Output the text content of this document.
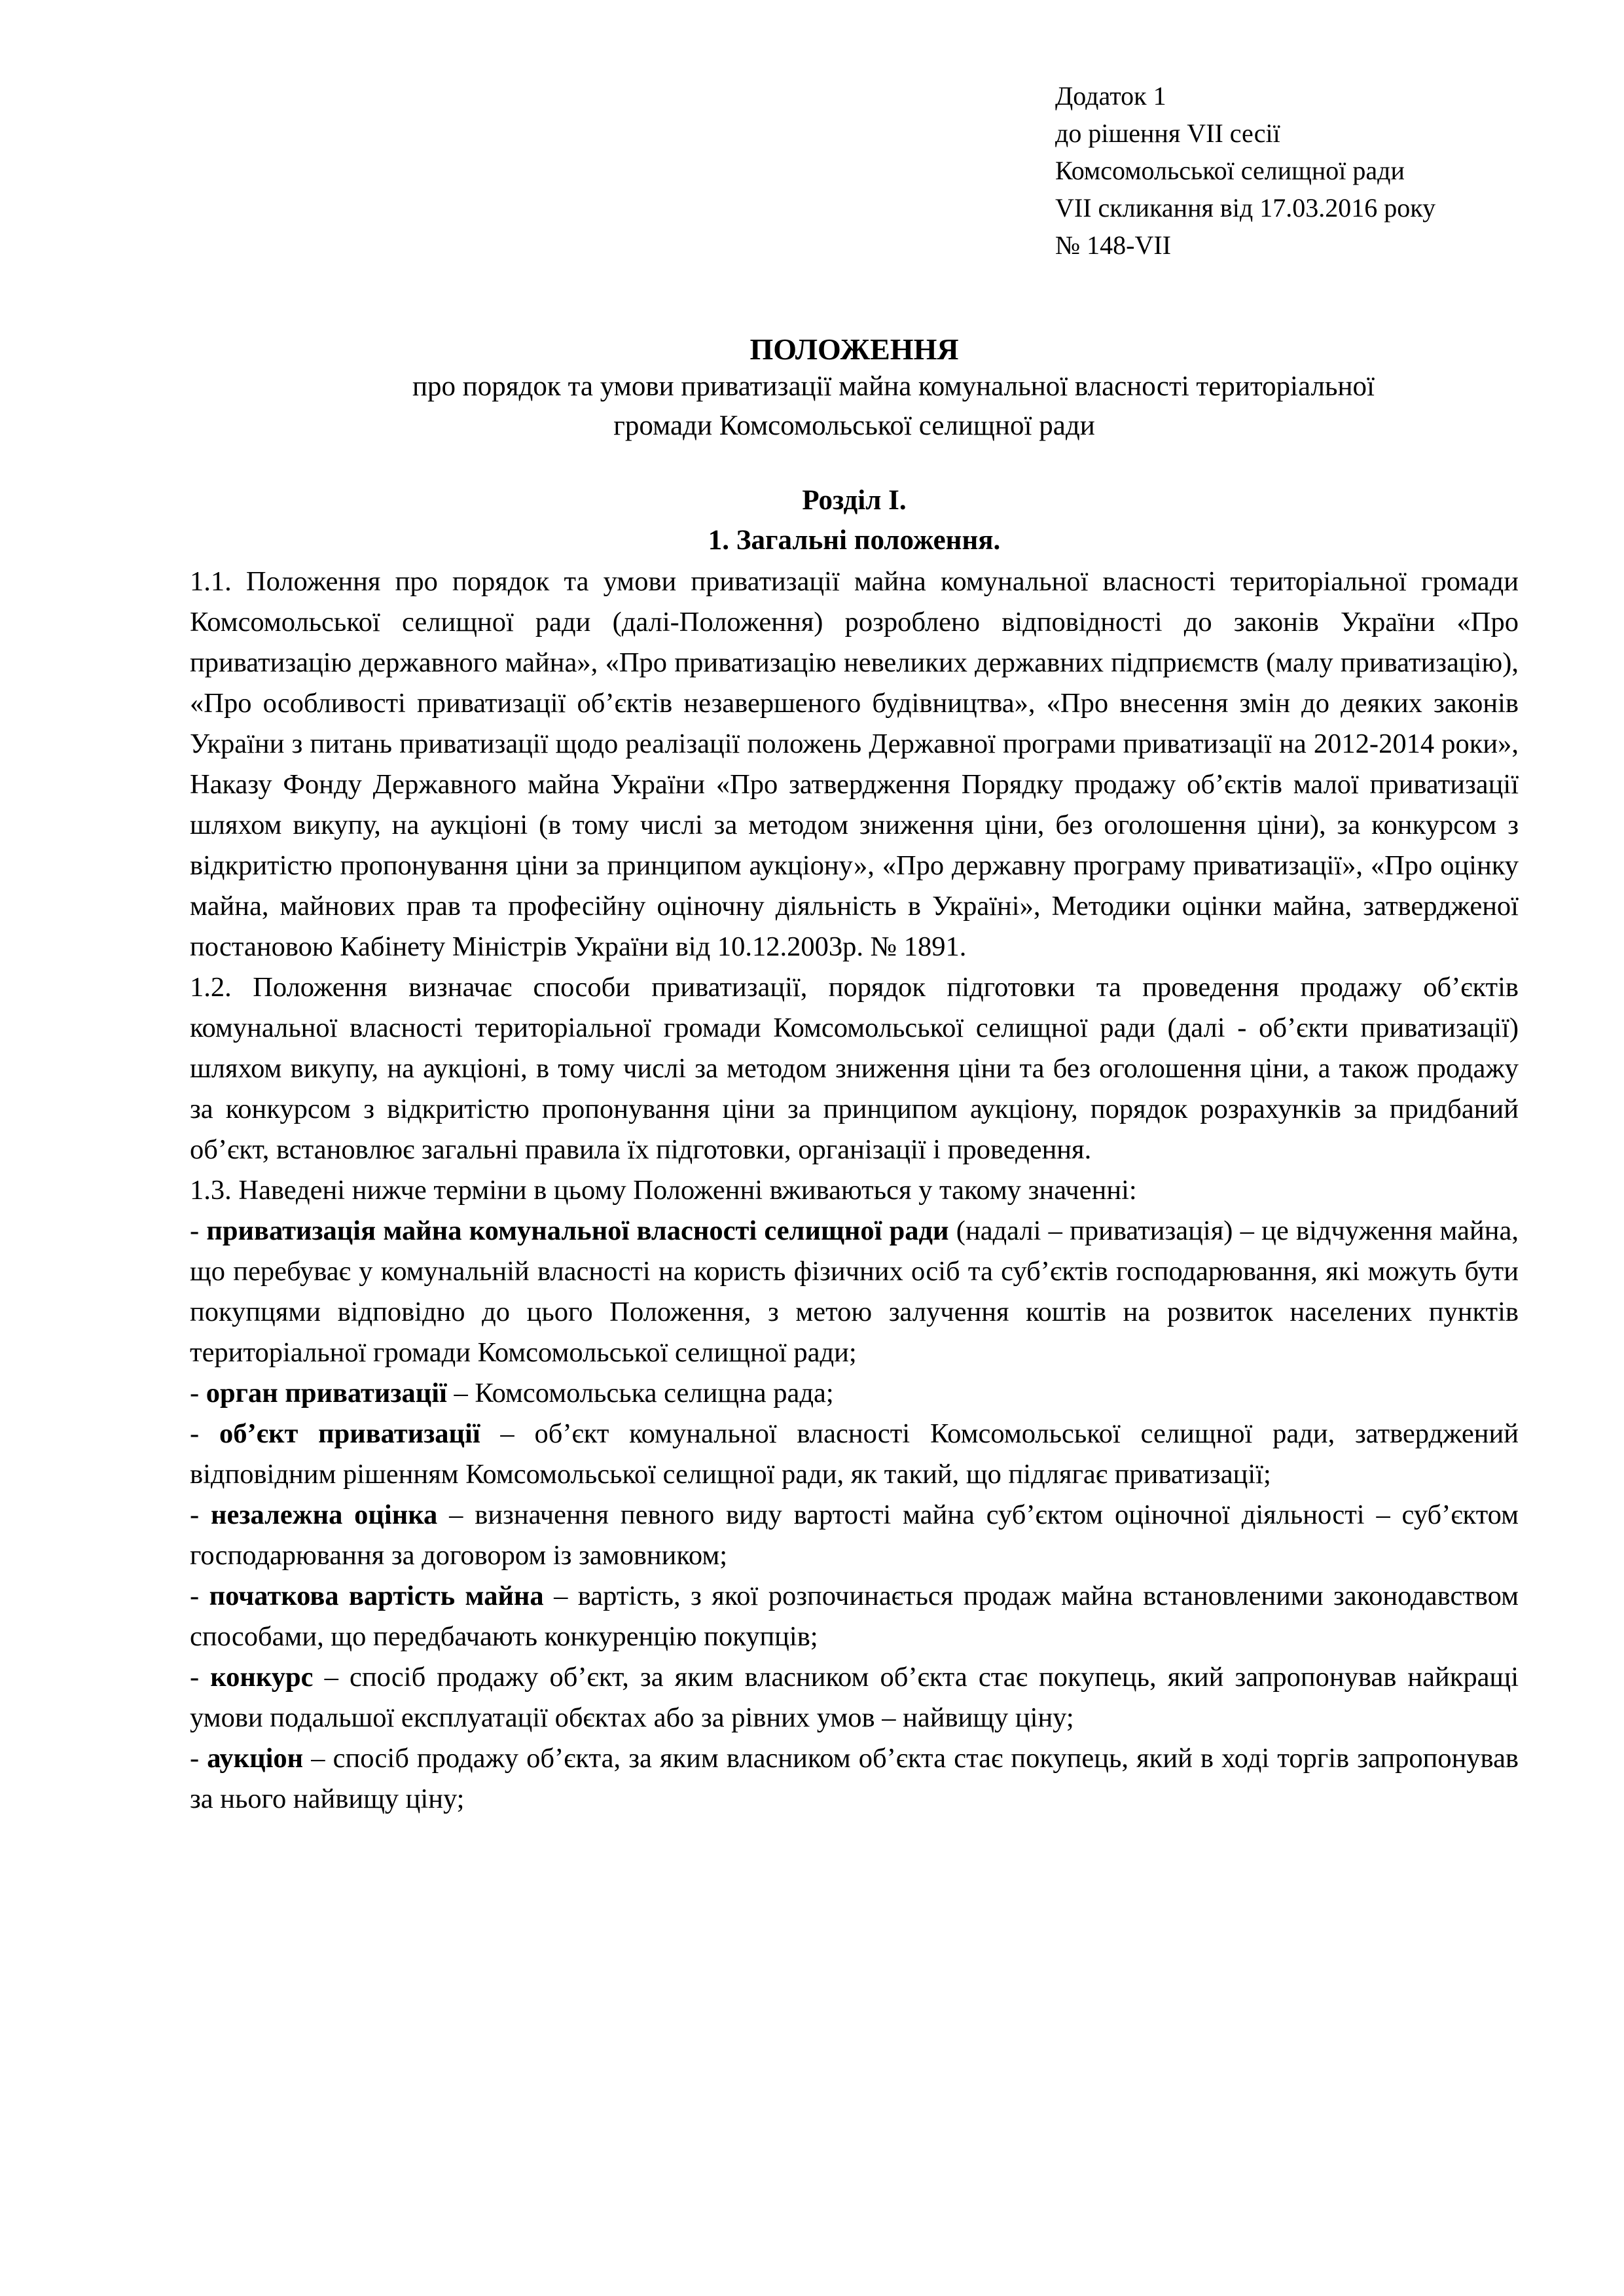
Додаток 1
до рішення VII сесії
Комсомольської селищної ради
VII скликання від 17.03.2016 року
№ 148-VII
ПОЛОЖЕННЯ
про порядок та умови приватизації майна комунальної власності територіальної
громади Комсомольської селищної ради
Розділ І.
1. Загальні положення.

1.1. Положення про порядок та умови приватизації майна комунальної власності територіальної громади Комсомольської селищної ради (далі-Положення) розроблено відповідності до законів України «Про приватизацію державного майна», «Про приватизацію невеликих державних підприємств (малу приватизацію), «Про особливості приватизації об’єктів незавершеного будівництва», «Про внесення змін до деяких законів України з питань приватизації щодо реалізації положень Державної програми приватизації на 2012-2014 роки», Наказу Фонду Державного майна України «Про затвердження Порядку продажу об’єктів малої приватизації шляхом викупу, на аукціоні (в тому числі за методом зниження ціни, без оголошення ціни), за конкурсом з відкритістю пропонування ціни за принципом аукціону», «Про державну програму приватизації», «Про оцінку майна, майнових прав та професійну оціночну діяльність в Україні», Методики оцінки майна, затвердженої постановою Кабінету Міністрів України від 10.12.2003р. № 1891.

1.2. Положення визначає способи приватизації, порядок підготовки та проведення продажу об’єктів комунальної власності територіальної громади Комсомольської селищної ради (далі - об’єкти приватизації) шляхом викупу, на аукціоні, в тому числі за методом зниження ціни та без оголошення ціни, а також продажу за конкурсом з відкритістю пропонування ціни за принципом аукціону, порядок розрахунків за придбаний об’єкт, встановлює загальні правила їх підготовки, організації і проведення.

1.3. Наведені нижче терміни в цьому Положенні вживаються у такому значенні:

- приватизація майна комунальної власності селищної ради (надалі – приватизація) – це відчуження майна, що перебуває у комунальній власності на користь фізичних осіб та суб’єктів господарювання, які можуть бути покупцями відповідно до цього Положення, з метою залучення коштів на розвиток населених пунктів територіальної громади Комсомольської селищної ради;

- орган приватизації – Комсомольська селищна рада;

- об’єкт приватизації – об’єкт комунальної власності Комсомольської селищної ради, затверджений відповідним рішенням Комсомольської селищної ради, як такий, що підлягає приватизації;

- незалежна оцінка – визначення певного виду вартості майна суб’єктом оціночної діяльності – суб’єктом господарювання за договором із замовником;

- початкова вартість майна – вартість, з якої розпочинається продаж майна встановленими законодавством способами, що передбачають конкуренцію покупців;

- конкурс – спосіб продажу об’єкт, за яким власником об’єкта стає покупець, який запропонував найкращі умови подальшої експлуатації обєктах або за рівних умов – найвищу ціну;

- аукціон – спосіб продажу об’єкта, за яким власником об’єкта стає покупець, який в ході торгів запропонував за нього найвищу ціну;
